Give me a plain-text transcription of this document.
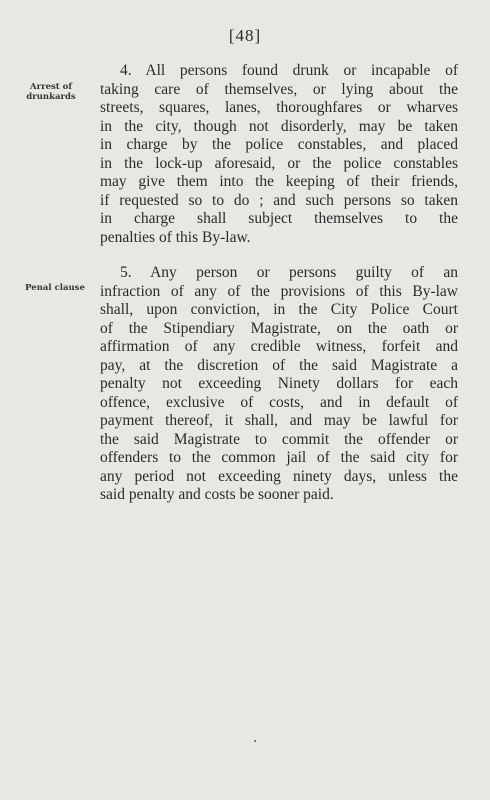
[48]
Arrest of drunkards
4. All persons found drunk or incapable of
taking care of themselves, or lying about the
streets, squares, lanes, thoroughfares or wharves
in the city, though not disorderly, may be taken
in charge by the police constables, and placed
in the lock-up aforesaid, or the police constables
may give them into the keeping of their friends,
if requested so to do ; and such persons so taken
in charge shall subject themselves to the
penalties of this By-law.
Penal clause
5. Any person or persons guilty of an
infraction of any of the provisions of this By-law
shall, upon conviction, in the City Police Court
of the Stipendiary Magistrate, on the oath or
affirmation of any credible witness, forfeit and
pay, at the discretion of the said Magistrate a
penalty not exceeding Ninety dollars for each
offence, exclusive of costs, and in default of
payment thereof, it shall, and may be lawful for
the said Magistrate to commit the offender or
offenders to the common jail of the said city for
any period not exceeding ninety days, unless the
said penalty and costs be sooner paid.
